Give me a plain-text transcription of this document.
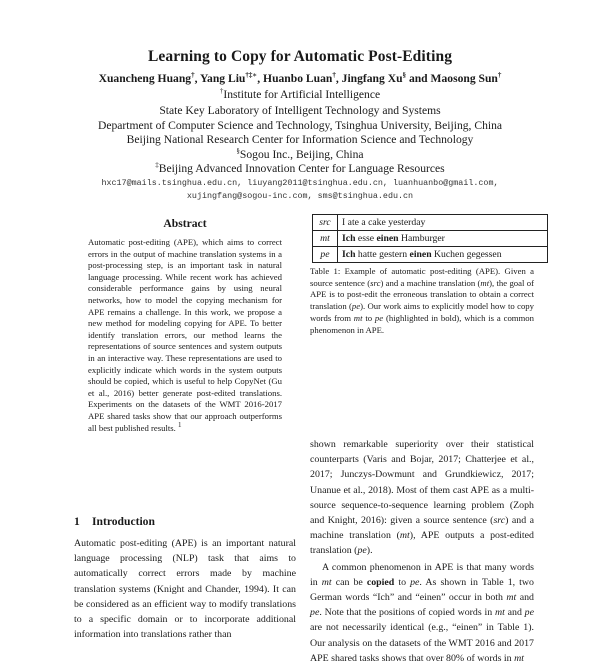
Learning to Copy for Automatic Post-Editing
Xuancheng Huang†, Yang Liu†‡∗, Huanbo Luan†, Jingfang Xu§ and Maosong Sun†
†Institute for Artificial Intelligence
State Key Laboratory of Intelligent Technology and Systems
Department of Computer Science and Technology, Tsinghua University, Beijing, China
Beijing National Research Center for Information Science and Technology
§Sogou Inc., Beijing, China
‡Beijing Advanced Innovation Center for Language Resources
hxc17@mails.tsinghua.edu.cn, liuyang2011@tsinghua.edu.cn, luanhuanbo@gmail.com,
xujingfang@sogou-inc.com, sms@tsinghua.edu.cn
Abstract
Automatic post-editing (APE), which aims to correct errors in the output of machine translation systems in a post-processing step, is an important task in natural language processing. While recent work has achieved considerable performance gains by using neural networks, how to model the copying mechanism for APE remains a challenge. In this work, we propose a new method for modeling copying for APE. To better identify translation errors, our method learns the representations of source sentences and system outputs in an interactive way. These representations are used to explicitly indicate which words in the system outputs should be copied, which is useful to help CopyNet (Gu et al., 2016) better generate post-edited translations. Experiments on the datasets of the WMT 2016-2017 APE shared tasks show that our approach outperforms all best published results. $^1$
1 Introduction
Automatic post-editing (APE) is an important natural language processing (NLP) task that aims to automatically correct errors made by machine translation systems (Knight and Chander, 1994). It can be considered as an efficient way to modify translations to a specific domain or to incorporate additional information into translations rather than
src	I ate a cake yesterday
mt	Ich esse einen Hamburger
pe	Ich hatte gestern einen Kuchen gegessen
Table 1: Example of automatic post-editing (APE). Given a source sentence (src) and a machine translation (mt), the goal of APE is to post-edit the erroneous translation to obtain a correct translation (pe). Our work aims to explicitly model how to copy words from mt to pe (highlighted in bold), which is a common phenomenon in APE.

shown remarkable superiority over their statistical counterparts (Varis and Bojar, 2017; Chatterjee et al., 2017; Junczys-Dowmunt and Grundkiewicz, 2017; Unanue et al., 2018). Most of them cast APE as a multi-source sequence-to-sequence learning problem (Zoph and Knight, 2016): given a source sentence (src) and a machine translation (mt), APE outputs a post-edited translation (pe).

A common phenomenon in APE is that many words in mt can be copied to pe. As shown in Table 1, two German words “Ich” and “einen” occur in both mt and pe. Note that the positions of copied words in mt and pe are not necessarily identical (e.g., “einen” in Table 1). Our analysis on the datasets of the WMT 2016 and 2017 APE shared tasks shows that over 80% of words in mt
